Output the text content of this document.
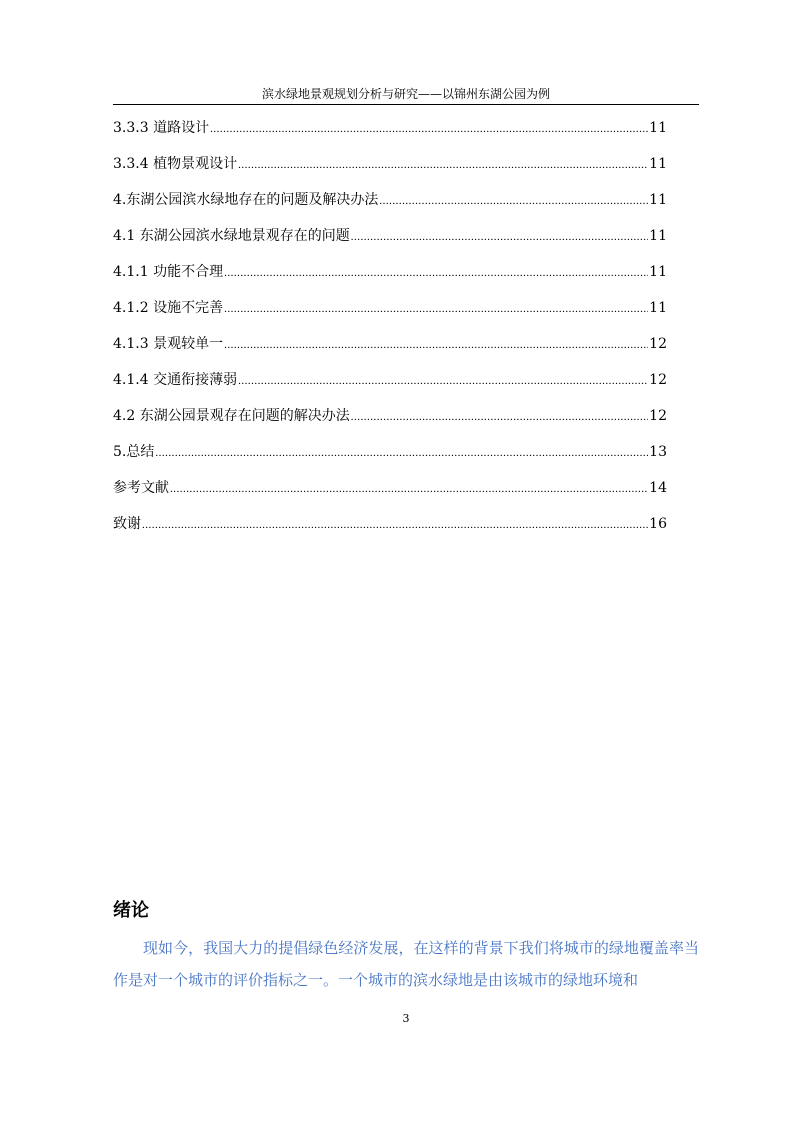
滨水绿地景观规划分析与研究——以锦州东湖公园为例
3.3.3 道路设计 .....	11
3.3.4 植物景观设计 .....	11
4.东湖公园滨水绿地存在的问题及解决办法 .....	11
4.1 东湖公园滨水绿地景观存在的问题 .....	11
4.1.1 功能不合理 .....	11
4.1.2 设施不完善 .....	11
4.1.3 景观较单一 .....	12
4.1.4 交通衔接薄弱 .....	12
4.2 东湖公园景观存在问题的解决办法 .....	12
5.总结 .....	13
参考文献 .....	14
致谢 .....	16
绪论

现如今，我国大力的提倡绿色经济发展，在这样的背景下我们将城市的绿地覆盖率当作是对一个城市的评价指标之一。一个城市的滨水绿地是由该城市的绿地环境和

3
